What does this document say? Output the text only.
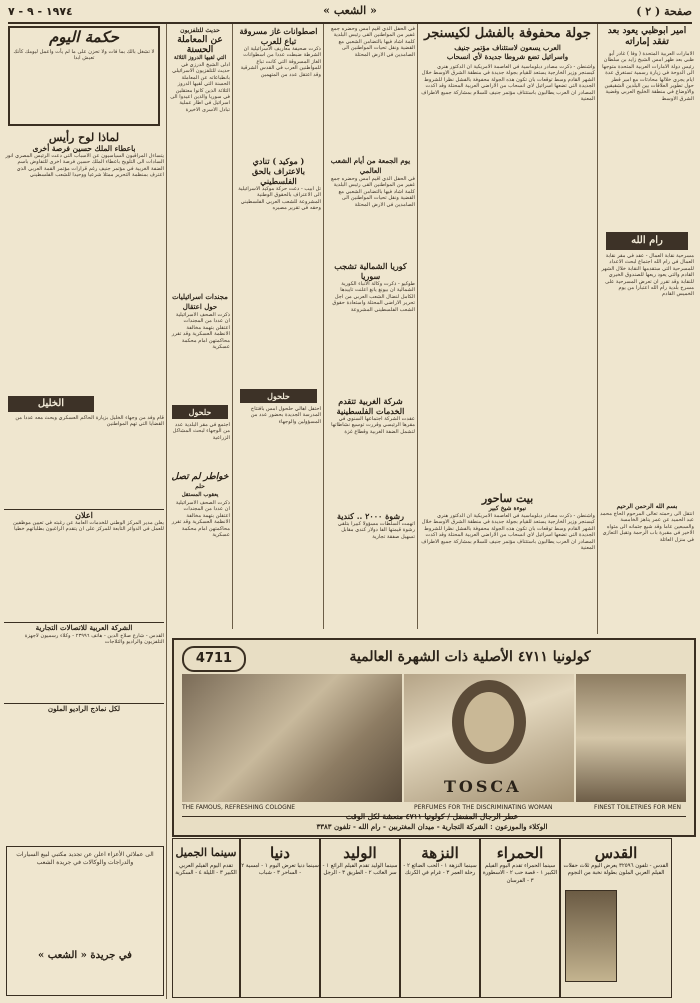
١٩٧٤ - ٩ - ٧	« الشعب »	صفحة ( ٢ )
أمير أبوظبي يعود بعد تفقد إماراته
الامارات العربية المتحدة ( وفا ) غادر أبو ظبي بعد ظهر امس الشيخ زايد بن سلطان رئيس دولة الامارات العربية المتحدة متوجها الى الدوحة في زيارة رسمية تستغرق عدة ايام يجري خلالها محادثات مع امير قطر حول تطوير العلاقات بين البلدين الشقيقين والاوضاع في منطقة الخليج العربي وقضية الشرق الاوسط
رام الله
مسرحية نقابة العمال - عقد في مقر نقابة العمال في رام الله اجتماع لبحث الاعداد للمسرحية التي ستقدمها النقابة خلال الشهر القادم والتي يعود ريعها للصندوق الخيري للنقابة وقد تقرر ان تعرض المسرحية على مسرح بلدية رام الله اعتبارا من يوم الخميس القادم
بسم الله الرحمن الرحيم
انتقل الى رحمته تعالى المرحوم الحاج محمد عبد الحميد عن عمر يناهز الخامسة والسبعين عاما وقد شيع جثمانه الى مثواه الاخير في مقبرة باب الرحمة وتقبل التعازي في منزل العائلة
جولة محفوفة بالفشل لكيسنجر
العرب يسعون لاستئناف مؤتمر جنيف
واسرائيل تضع شروطا جديدة لأي انسحاب
واشنطن - ذكرت مصادر دبلوماسية في العاصمة الامريكية ان الدكتور هنري كيسنجر وزير الخارجية يستعد للقيام بجولة جديدة في منطقة الشرق الاوسط خلال الشهر القادم وسط توقعات بان تكون هذه الجولة محفوفة بالفشل نظرا للشروط الجديدة التي تضعها اسرائيل لاي انسحاب من الاراضي العربية المحتلة وقد اكدت المصادر ان العرب يطالبون باستئناف مؤتمر جنيف للسلام بمشاركة جميع الاطراف المعنية
بيت ساحور
نبوءة شيخ كبير
واشنطن - ذكرت مصادر دبلوماسية في العاصمة الامريكية ان الدكتور هنري كيسنجر وزير الخارجية يستعد للقيام بجولة جديدة في منطقة الشرق الاوسط خلال الشهر القادم وسط توقعات بان تكون هذه الجولة محفوفة بالفشل نظرا للشروط الجديدة التي تضعها اسرائيل لاي انسحاب من الاراضي العربية المحتلة وقد اكدت المصادر ان العرب يطالبون باستئناف مؤتمر جنيف للسلام بمشاركة جميع الاطراف المعنية
في الحفل الذي اقيم امس وحضره جمع غفير من المواطنين القى رئيس البلدية كلمة اشاد فيها بالتضامن الشعبي مع القضية ونقل تحيات المواطنين الى الصامدين في الارض المحتلة
يوم الجمعة من أيام الشعب العالمي
في الحفل الذي اقيم امس وحضره جمع غفير من المواطنين القى رئيس البلدية كلمة اشاد فيها بالتضامن الشعبي مع القضية ونقل تحيات المواطنين الى الصامدين في الارض المحتلة
كوريا الشمالية تشجب سوريا
طوكيو - ذكرت وكالة الانباء الكورية الشمالية ان بيونغ يانغ اعلنت تاييدها الكامل لنضال الشعب العربي من اجل تحرير الاراضي المحتلة واستعادة حقوق الشعب الفلسطيني المشروعة
شركة الغربية تتقدم الخدمات الفلسطينية
عقدت الشركة اجتماعها السنوي في مقرها الرئيسي وقررت توسيع نشاطاتها لتشمل الضفة الغربية وقطاع غزة
رشوة ٢٠٠٠ .. كندية
اتهمت السلطات مسؤولا كبيرا بتلقي رشوة قيمتها الفا دولار كندي مقابل تسهيل صفقة تجارية
اصطوانات غاز مسروقة تباع للعرب
ذكرت صحيفة معاريف الاسرائيلية ان الشرطة ضبطت عددا من اسطوانات الغاز المسروقة التي كانت تباع للمواطنين العرب في القدس الشرقية وقد اعتقل عدد من المتهمين
( موكيد ) تنادي بالاعتراف بالحق الفلسطيني
تل ابيب - دعت حركة موكيد الاسرائيلية الى الاعتراف بالحقوق الوطنية المشروعة للشعب العربي الفلسطيني وحقه في تقرير مصيره
حلحول
احتفل اهالي حلحول امس بافتتاح المدرسة الجديدة بحضور عدد من المسؤولين والوجهاء
حديث للتلفزيون
عن المعاملة الحسنة
التي لقيها الدروز الثلاثة
ادلى الشيخ الدرزي في حديث للتلفزيون الاسرائيلي بانطباعاته عن المعاملة الحسنة التي لقيها الدروز الثلاثة الذين كانوا معتقلين في سوريا والذين اعيدوا الى اسرائيل في اطار عملية تبادل الاسرى الاخيرة
مجندات اسرائيليات حول اعتقال
ذكرت الصحف الاسرائيلية ان عددا من المجندات اعتقلن بتهمة مخالفة الانظمة العسكرية وقد تقرر محاكمتهن امام محكمة عسكرية
حلحول
اجتمع في مقر البلدية عدد من الوجهاء لبحث المشاكل الزراعية
خواطر لم تصل
حلم
يعقوب المستقل
ذكرت الصحف الاسرائيلية ان عددا من المجندات اعتقلن بتهمة مخالفة الانظمة العسكرية وقد تقرر محاكمتهن امام محكمة عسكرية
حكمة اليوم
لا تشغل بالك بما فات ولا تحزن على ما لم يأت واعمل ليومك كأنك تعيش ابدا
لماذا لوح رأيس
باعطاء الملك حسين فرصة أخرى
يتساءل المراقبون السياسيون عن الاسباب التي دعت الرئيس المصري انور السادات الى التلويح باعطاء الملك حسين فرصة اخرى للتفاوض باسم الضفة الغربية في مؤتمر جنيف رغم قرارات مؤتمر القمة العربي الذي اعترف بمنظمة التحرير ممثلا شرعيا ووحيدا للشعب الفلسطيني
الخليل
قام وفد من وجهاء الخليل بزيارة الحاكم العسكري وبحث معه عددا من القضايا التي تهم المواطنين
اعلان
يعلن مدير المركز الوطني للخدمات العامة عن رغبته في تعيين موظفين للعمل في الدوائر التابعة للمركز على ان يتقدم الراغبون بطلباتهم خطيا
الشركة العربية للاتصالات التجارية
القدس - شارع صلاح الدين - هاتف ٢٣٩٩٦ - وكلاء رسميون لاجهزة التلفزيون والراديو والثلاجات
لكل نماذج الراديو الملون
4711	كولونيا ٤٧١١ الأصلية ذات الشهرة العالمية
TOSCA
THE FAMOUS, REFRESHING COLOGNE	PERFUMES FOR THE DISCRIMINATING WOMAN	FINEST TOILETRIES FOR MEN
عطر الرجال المفضل / كولونيا ٤٧١١ منعشة لكل الوقت
الوكلاء والموزعون : الشركة التجارية - ميدان المغتربين - رام الله - تلفون ٣٣٨٣
القدس
القدس - تلفون ٣٢٥٩٦ يعرض اليوم ثلاث حفلات الفيلم العربي الملون بطولة نخبة من النجوم
الحمراء
سينما الحمراء تقدم اليوم الفيلم الكبير ١ - قصة حب ٢ - الاسطورة ٣ - الفرسان
النزهة
سينما النزهة ١ - الحب الضائع ٢ - رحلة العمر ٣ - غرام في الكرنك
الوليد
سينما الوليد تقدم الفيلم الرائع ١ - سر الغائب ٢ - الطريق ٣ - الرجل
دنيا
سينما دنيا تعرض اليوم ١ - امسية ٢ - الساحر ٣ - شباب
سينما الجميل
تقدم اليوم الفيلم العربي الكبير ٣ - الليلة ٤ - السكرية
الى عملائي الأعزاء اعلن عن تجديد مكتبي لبيع السيارات والدراجات والوكالات في جريدة الشعب
في جريدة « الشعب »
